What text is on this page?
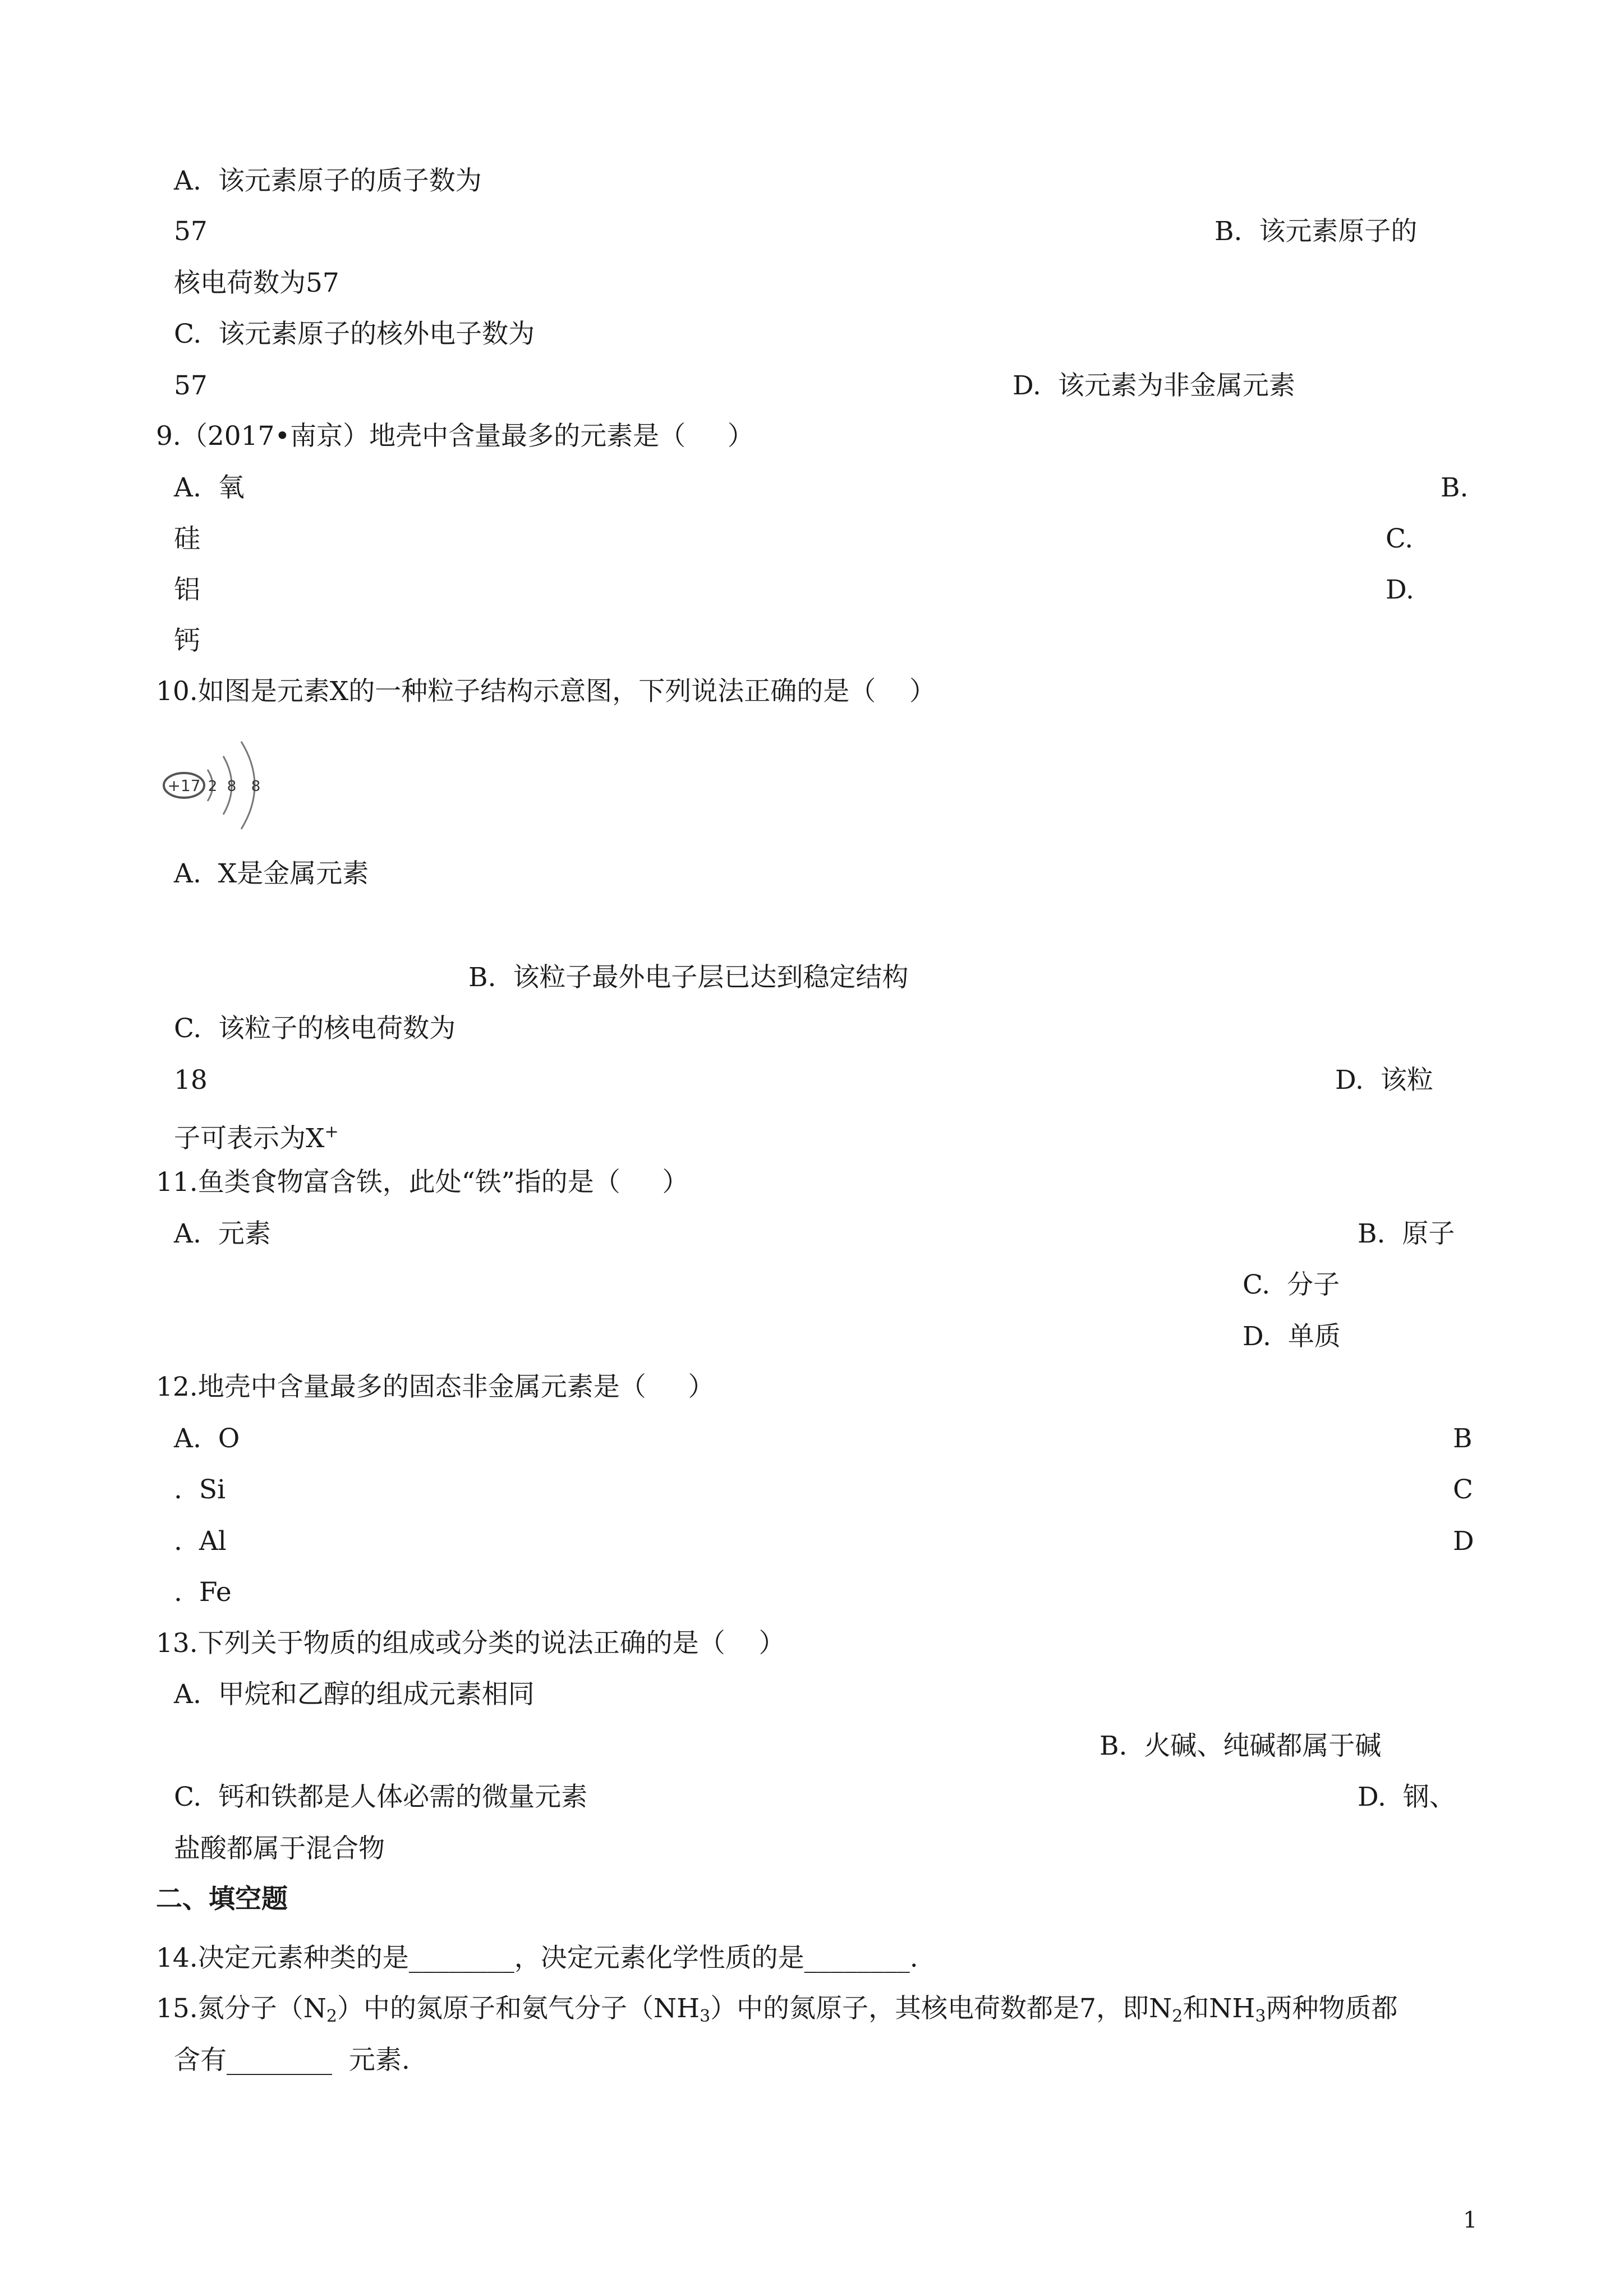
A.  该元素原子的质子数为
57	B.  该元素原子的
核电荷数为57
C.  该元素原子的核外电子数为
57	D.  该元素为非金属元素
9.（2017•南京）地壳中含量最多的元素是（     ）
A.  氧	B.
硅	C.
铝	D.
钙
10.如图是元素X的一种粒子结构示意图，下列说法正确的是（    ）
+17 2 8 8
A.  X是金属元素
B.  该粒子最外电子层已达到稳定结构
C.  该粒子的核电荷数为
18	D.  该粒
子可表示为X+
11.鱼类食物富含铁，此处“铁”指的是（     ）
A.  元素	B.  原子
C.  分子
D.  单质
12.地壳中含量最多的固态非金属元素是（     ）
A.  O	B
.  Si	C
.  Al	D
.  Fe
13.下列关于物质的组成或分类的说法正确的是（    ）
A.  甲烷和乙醇的组成元素相同
B.  火碱、纯碱都属于碱
C.  钙和铁都是人体必需的微量元素	D.  钢、
盐酸都属于混合物
二、填空题
14.决定元素种类的是________，决定元素化学性质的是________.
15.氮分子$(N_2)$中的氮原子和氨气分子$(NH_3)$中的氮原子，其核电荷数都是7，即$N_2$和$NH_3$两种物质都
含有________  元素.
1
